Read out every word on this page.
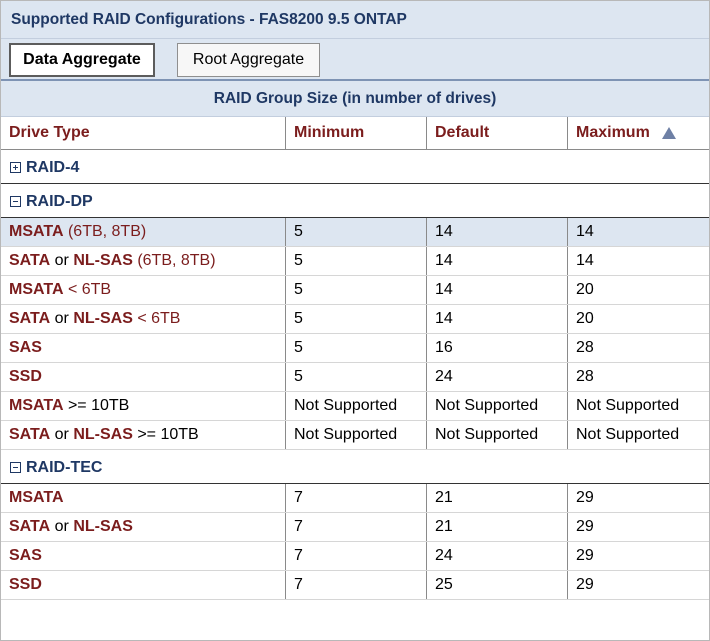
Supported RAID Configurations - FAS8200 9.5 ONTAP
Data Aggregate	Root Aggregate
RAID Group Size (in number of drives)
Drive Type	Minimum	Default	Maximum
RAID-4
RAID-DP
MSATA (6TB, 8TB)	5	14	14
SATA or NL-SAS (6TB, 8TB)	5	14	14
MSATA < 6TB	5	14	20
SATA or NL-SAS < 6TB	5	14	20
SAS	5	16	28
SSD	5	24	28
MSATA >= 10TB	Not Supported	Not Supported	Not Supported
SATA or NL-SAS >= 10TB	Not Supported	Not Supported	Not Supported
RAID-TEC
MSATA	7	21	29
SATA or NL-SAS	7	21	29
SAS	7	24	29
SSD	7	25	29
